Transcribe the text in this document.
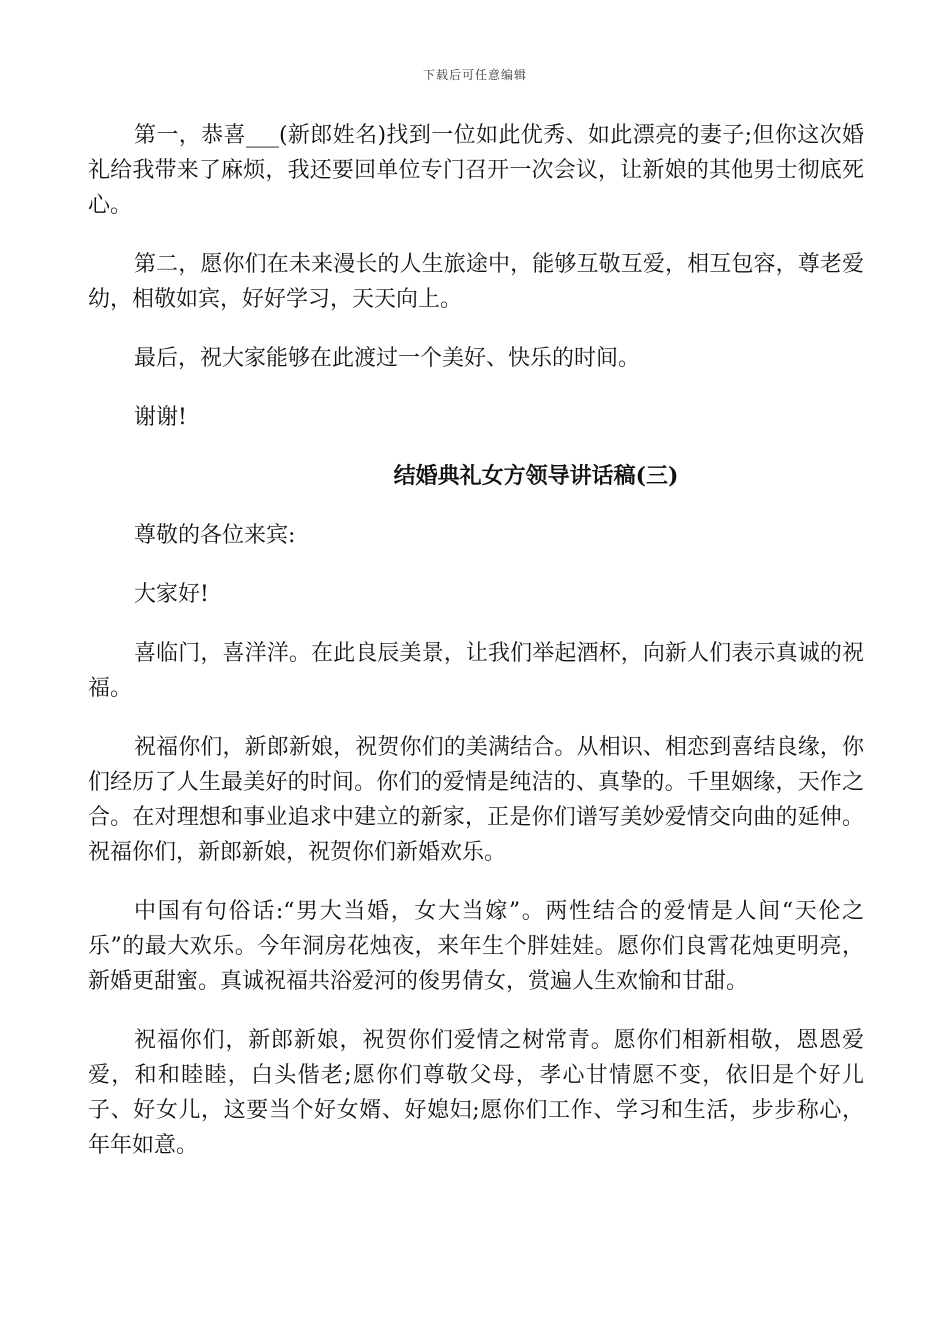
下载后可任意编辑

第一，恭喜___(新郎姓名)找到一位如此优秀、如此漂亮的妻子;但你这次婚礼给我带来了麻烦，我还要回单位专门召开一次会议，让新娘的其他男士彻底死心。

第二，愿你们在未来漫长的人生旅途中，能够互敬互爱，相互包容，尊老爱幼，相敬如宾，好好学习，天天向上。

最后，祝大家能够在此渡过一个美好、快乐的时间。

谢谢!

结婚典礼女方领导讲话稿(三)

尊敬的各位来宾:

大家好!

喜临门，喜洋洋。在此良辰美景，让我们举起酒杯，向新人们表示真诚的祝福。

祝福你们，新郎新娘，祝贺你们的美满结合。从相识、相恋到喜结良缘，你们经历了人生最美好的时间。你们的爱情是纯洁的、真挚的。千里姻缘，天作之合。在对理想和事业追求中建立的新家，正是你们谱写美妙爱情交向曲的延伸。 祝福你们，新郎新娘，祝贺你们新婚欢乐。

中国有句俗话:“男大当婚，女大当嫁”。两性结合的爱情是人间“天伦之乐”的最大欢乐。今年洞房花烛夜，来年生个胖娃娃。愿你们良霄花烛更明亮，新婚更甜蜜。真诚祝福共浴爱河的俊男倩女，赏遍人生欢愉和甘甜。

祝福你们，新郎新娘，祝贺你们爱情之树常青。愿你们相新相敬，恩恩爱爱，和和睦睦，白头偕老;愿你们尊敬父母，孝心甘情愿不变，依旧是个好儿子、好女儿，这要当个好女婿、好媳妇;愿你们工作、学习和生活，步步称心，年年如意。
